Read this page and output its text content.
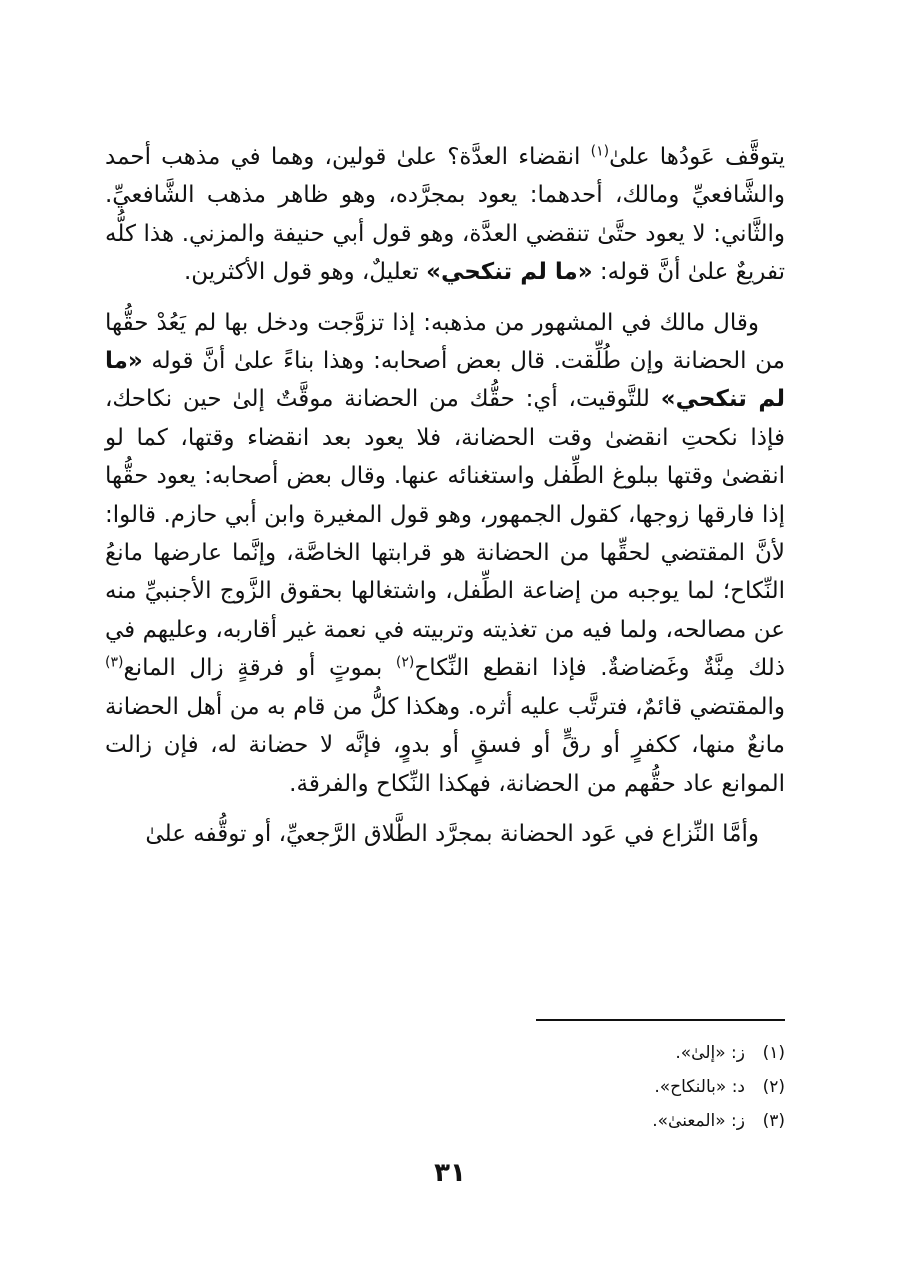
يتوقَّف عَودُها علىٰ$^{(١)}$ انقضاء العدَّة؟ علىٰ قولين، وهما في مذهب أحمد والشَّافعيِّ ومالك، أحدهما: يعود بمجرَّده، وهو ظاهر مذهب الشَّافعيِّ. والثَّاني: لا يعود حتَّىٰ تنقضي العدَّة، وهو قول أبي حنيفة والمزني. هذا كلُّه تفريعٌ علىٰ أنَّ قوله: «ما لم تنكحي» تعليلٌ، وهو قول الأكثرين.

وقال مالك في المشهور من مذهبه: إذا تزوَّجت ودخل بها لم يَعُدْ حقُّها من الحضانة وإن طُلِّقت. قال بعض أصحابه: وهذا بناءً علىٰ أنَّ قوله «ما لم تنكحي» للتَّوقيت، أي: حقُّك من الحضانة موقَّتٌ إلىٰ حين نكاحك، فإذا نكحتِ انقضىٰ وقت الحضانة، فلا يعود بعد انقضاء وقتها، كما لو انقضىٰ وقتها ببلوغ الطِّفل واستغنائه عنها. وقال بعض أصحابه: يعود حقُّها إذا فارقها زوجها، كقول الجمهور، وهو قول المغيرة وابن أبي حازم. قالوا: لأنَّ المقتضي لحقِّها من الحضانة هو قرابتها الخاصَّة، وإنَّما عارضها مانعُ النِّكاح؛ لما يوجبه من إضاعة الطِّفل، واشتغالها بحقوق الزَّوج الأجنبيِّ منه عن مصالحه، ولما فيه من تغذيته وتربيته في نعمة غير أقاربه، وعليهم في ذلك مِنَّةٌ وغَضاضةٌ. فإذا انقطع النِّكاح$^{(٢)}$ بموتٍ أو فرقةٍ زال المانع$^{(٣)}$ والمقتضي قائمٌ، فترتَّب عليه أثره. وهكذا كلُّ من قام به من أهل الحضانة مانعٌ منها، ككفرٍ أو رقٍّ أو فسقٍ أو بدوٍ، فإنَّه لا حضانة له، فإن زالت الموانع عاد حقُّهم من الحضانة، فهكذا النِّكاح والفرقة.

وأمَّا النِّزاع في عَود الحضانة بمجرَّد الطَّلاق الرَّجعيِّ، أو توقُّفه علىٰ

(١)ز: «إلىٰ».

(٢)د: «بالنكاح».

(٣)ز: «المعنىٰ».

٣١
